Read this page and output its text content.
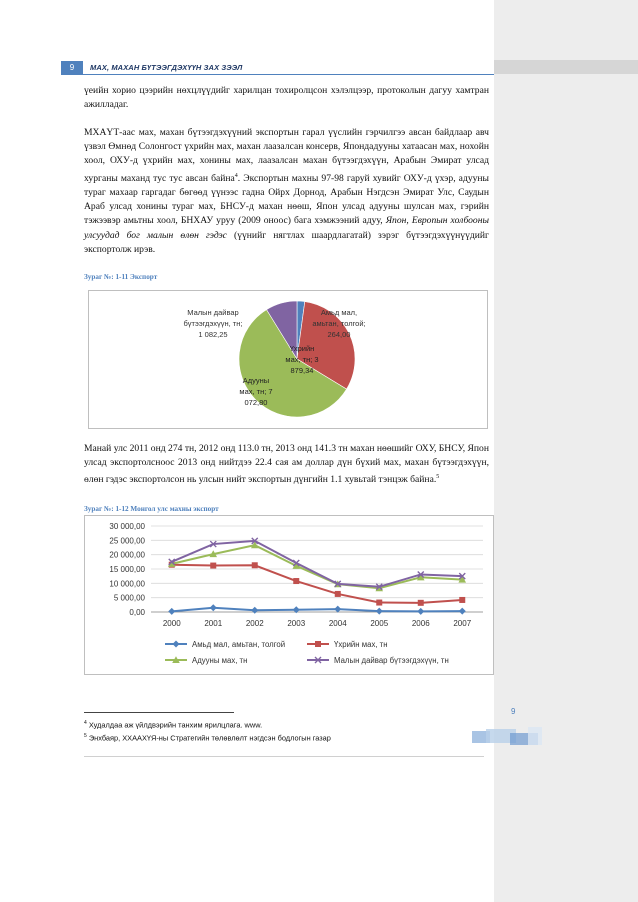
9	МАХ, МАХАН БҮТЭЭГДЭХҮҮН ЗАХ ЗЭЭЛ
үеийн хорио цээрийн нөхцлүүдийг харилцан тохиролцсон хэлэлцээр, протоколын дагуу хамтран ажилладаг.
МХАҮТ-аас мах, махан бүтээгдэхүүний экспортын гарал үүслийн гэрчилгээ авсан байдлаар авч үзвэл Өмнөд Солонгост үхрийн мах, махан лаазалсан консерв, Япондадууны хатаасан мах, нохойн хоол, ОХУ-д үхрийн мах, хонины мах, лаазалсан махан бүтээгдэхүүн, Арабын Эмират улсад хурганы маханд тус тус авсан байна$^4$. Экспортын махны 97-98 гаруй хувийг ОХУ-д үхэр, адууны тураг махаар гаргадаг бөгөөд үүнээс гадна Ойрх Дорнод, Арабын Нэгдсэн Эмират Улс, Саудын Араб улсад хонины тураг мах, БНСУ-д махан нөөш, Япон улсад адууны шулсан мах, гэрийн тэжээвэр амьтны хоол, БНХАУ уруу (2009 оноос) бага хэмжээний адуу, Япон, Европын холбооны улсуудад бог малын өлөн гэдэс (үүнийг нягтлах шаардлагатай) зэрэг бүтээгдэхүүнүүдийг экспортолж ирэв.
Зураг №: 1-11 Экспорт
Малын дайвар
бүтээгдэхүүн, тн;
1 082,25
Амьд мал,
амьтан, толгой;
264,00
Үхрийн
мах, тн; 3
879,34
Адууны
мах, тн; 7
072,80
Манай улс 2011 онд 274 тн, 2012 онд 113.0 тн, 2013 онд 141.3 тн махан нөөшийг ОХУ, БНСУ, Япон улсад экспортолсноос 2013 онд нийтдээ 22.4 сая ам доллар дүн бүхий мах, махан бүтээгдэхүүн, өлөн гэдэс экспортолсон нь улсын нийт экспортын дүнгийн 1.1 хувьтай тэнцэж байна.$^5$
Зураг №: 1-12 Монгол улс махны экспорт
0,00
5 000,00
10 000,00
15 000,00
20 000,00
25 000,00
30 000,00
2000	2001	2002	2003	2004	2005	2006	2007
Амьд мал, амьтан, толгой	Үхрийн мах, тн
Адууны мах, тн	Малын дайвар бүтээгдэхүүн, тн
9
$^4$ Худалдаа аж үйлдвэрийн танхим ярилцлага. www.
$^5$ Энхбаяр, ХХААХҮЯ-ны Стратегийн төлөвлөлт нэгдсэн бодлогын газар
